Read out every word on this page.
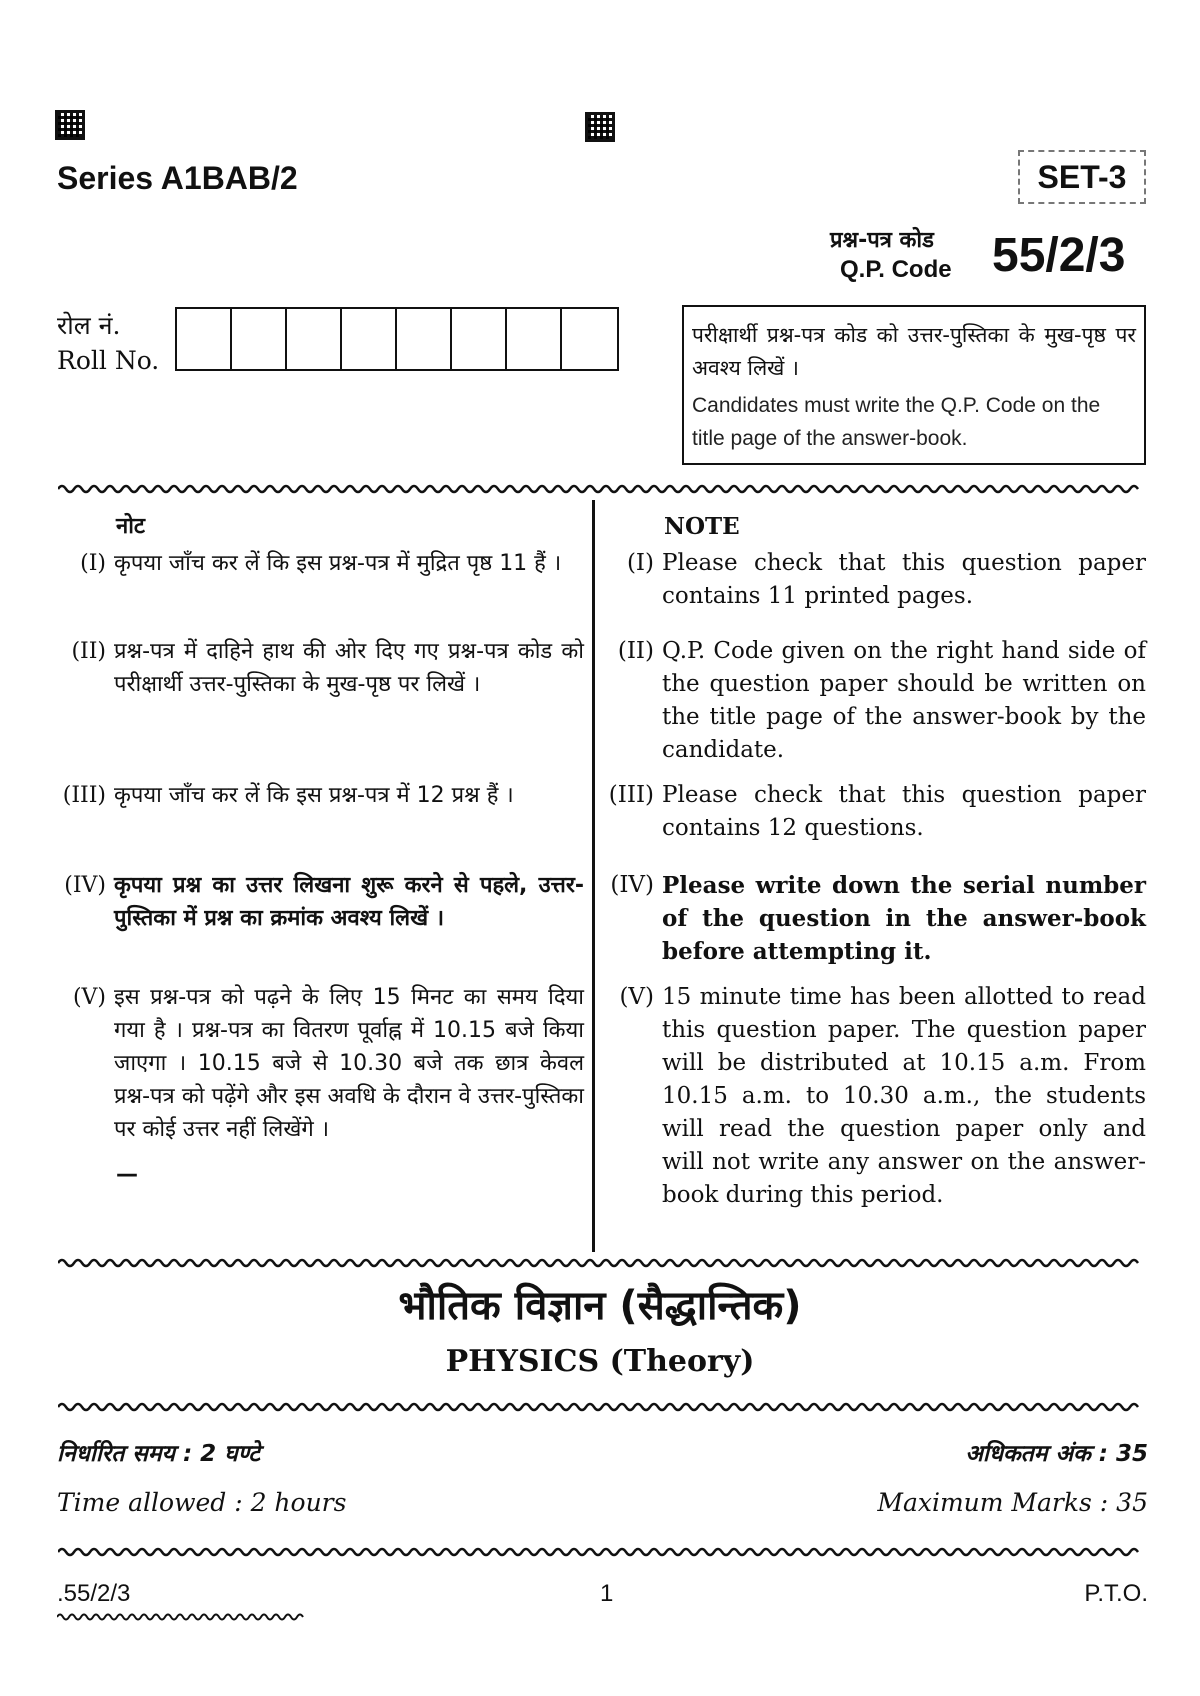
Series A1BAB/2	SET-3
प्रश्न-पत्र कोड
Q.P. Code 55/2/3
रोल नं.
Roll No.
परीक्षार्थी प्रश्न-पत्र कोड को उत्तर-पुस्तिका के मुख-पृष्ठ पर अवश्य लिखें ।
Candidates must write the Q.P. Code on the title page of the answer-book.
नोट
(I) कृपया जाँच कर लें कि इस प्रश्न-पत्र में मुद्रित पृष्ठ 11 हैं ।
(II) प्रश्न-पत्र में दाहिने हाथ की ओर दिए गए प्रश्न-पत्र कोड को परीक्षार्थी उत्तर-पुस्तिका के मुख-पृष्ठ पर लिखें ।
(III) कृपया जाँच कर लें कि इस प्रश्न-पत्र में 12 प्रश्न हैं ।
(IV) कृपया प्रश्न का उत्तर लिखना शुरू करने से पहले, उत्तर-पुस्तिका में प्रश्न का क्रमांक अवश्य लिखें ।
(V) इस प्रश्न-पत्र को पढ़ने के लिए 15 मिनट का समय दिया गया है । प्रश्न-पत्र का वितरण पूर्वाह्न में 10.15 बजे किया जाएगा । 10.15 बजे से 10.30 बजे तक छात्र केवल प्रश्न-पत्र को पढ़ेंगे और इस अवधि के दौरान वे उत्तर-पुस्तिका पर कोई उत्तर नहीं लिखेंगे ।
—
NOTE
(I) Please check that this question paper contains 11 printed pages.
(II) Q.P. Code given on the right hand side of the question paper should be written on the title page of the answer-book by the candidate.
(III) Please check that this question paper contains 12 questions.
(IV) Please write down the serial number of the question in the answer-book before attempting it.
(V) 15 minute time has been allotted to read this question paper. The question paper will be distributed at 10.15 a.m. From 10.15 a.m. to 10.30 a.m., the students will read the question paper only and will not write any answer on the answer-book during this period.
भौतिक विज्ञान (सैद्धान्तिक)
PHYSICS (Theory)
निर्धारित समय : 2 घण्टे	अधिकतम अंक : 35
Time allowed : 2 hours	Maximum Marks : 35
.55/2/3	1	P.T.O.
